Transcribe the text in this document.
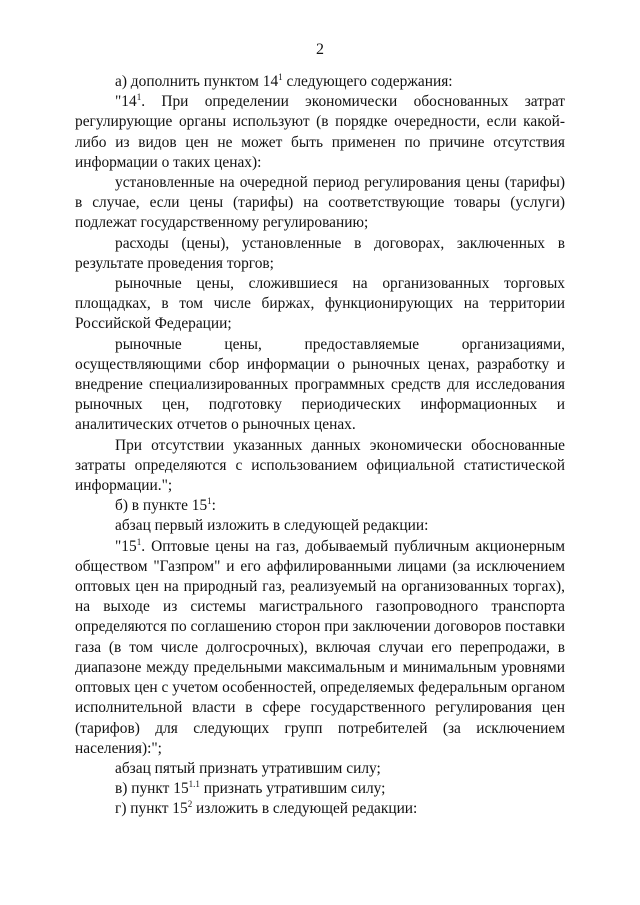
2

а) дополнить пунктом $14^1$ следующего содержания:

"$14^1$. При определении экономически обоснованных затрат регулирующие органы используют (в порядке очередности, если какой-либо из видов цен не может быть применен по причине отсутствия информации о таких ценах):

установленные на очередной период регулирования цены (тарифы) в случае, если цены (тарифы) на соответствующие товары (услуги) подлежат государственному регулированию;

расходы (цены), установленные в договорах, заключенных в результате проведения торгов;

рыночные цены, сложившиеся на организованных торговых площадках, в том числе биржах, функционирующих на территории Российской Федерации;

рыночные цены, предоставляемые организациями, осуществляющими сбор информации о рыночных ценах, разработку и внедрение специализированных программных средств для исследования рыночных цен, подготовку периодических информационных и аналитических отчетов о рыночных ценах.

При отсутствии указанных данных экономически обоснованные затраты определяются с использованием официальной статистической информации.";

б) в пункте $15^1$:

абзац первый изложить в следующей редакции:

"$15^1$. Оптовые цены на газ, добываемый публичным акционерным обществом "Газпром" и его аффилированными лицами (за исключением оптовых цен на природный газ, реализуемый на организованных торгах), на выходе из системы магистрального газопроводного транспорта определяются по соглашению сторон при заключении договоров поставки газа (в том числе долгосрочных), включая случаи его перепродажи, в диапазоне между предельными максимальным и минимальным уровнями оптовых цен с учетом особенностей, определяемых федеральным органом исполнительной власти в сфере государственного регулирования цен (тарифов) для следующих групп потребителей (за исключением населения):";

абзац пятый признать утратившим силу;

в) пункт $15^{1.1}$ признать утратившим силу;

г) пункт $15^2$ изложить в следующей редакции:
